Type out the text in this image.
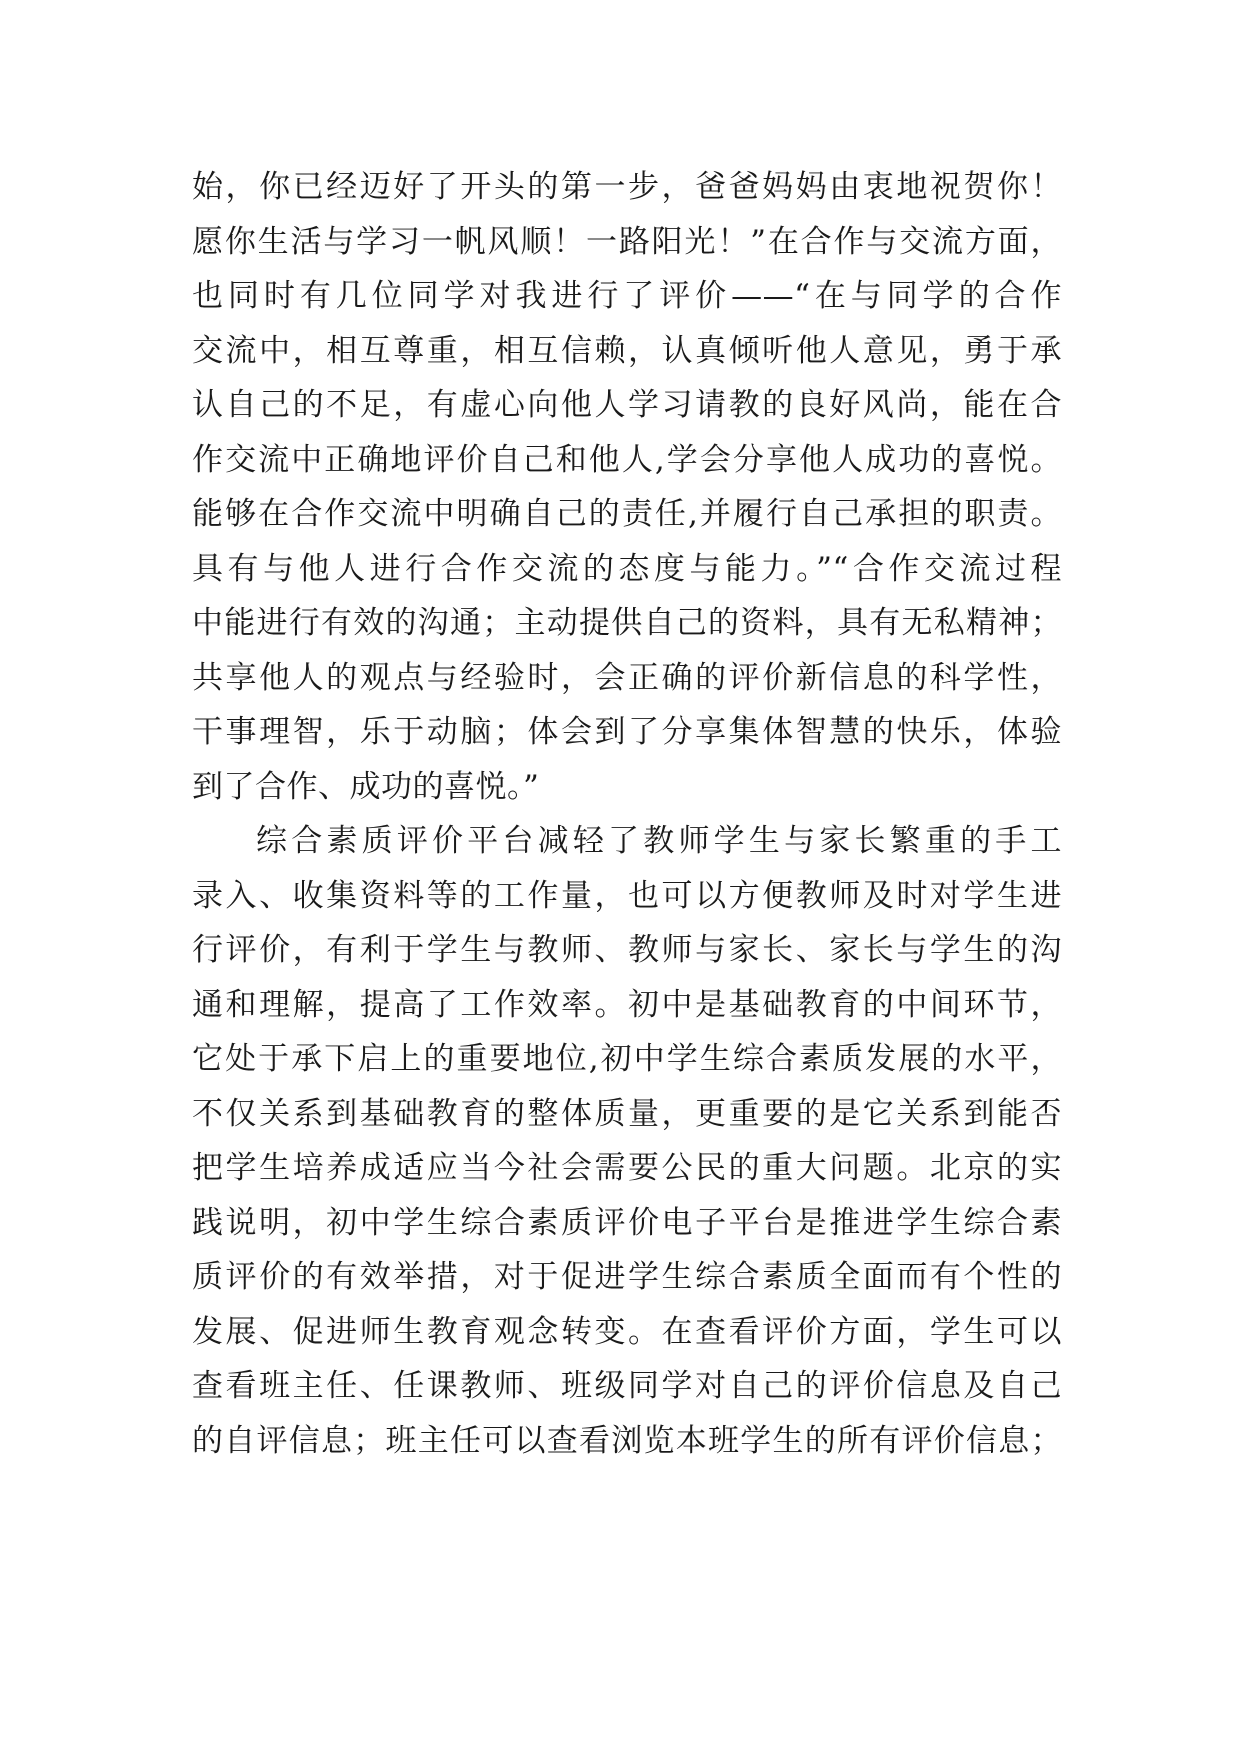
始，你已经迈好了开头的第一步，爸爸妈妈由衷地祝贺你！
愿你生活与学习一帆风顺！一路阳光！”在合作与交流方面，
也同时有几位同学对我进行了评价——“在与同学的合作
交流中，相互尊重，相互信赖，认真倾听他人意见，勇于承
认自己的不足，有虚心向他人学习请教的良好风尚，能在合
作交流中正确地评价自己和他人,学会分享他人成功的喜悦。
能够在合作交流中明确自己的责任,并履行自己承担的职责。
具有与他人进行合作交流的态度与能力。”“合作交流过程
中能进行有效的沟通；主动提供自己的资料，具有无私精神；
共享他人的观点与经验时，会正确的评价新信息的科学性，
干事理智，乐于动脑；体会到了分享集体智慧的快乐，体验
到了合作、成功的喜悦。”
综合素质评价平台减轻了教师学生与家长繁重的手工
录入、收集资料等的工作量，也可以方便教师及时对学生进
行评价，有利于学生与教师、教师与家长、家长与学生的沟
通和理解，提高了工作效率。初中是基础教育的中间环节，
它处于承下启上的重要地位,初中学生综合素质发展的水平，
不仅关系到基础教育的整体质量，更重要的是它关系到能否
把学生培养成适应当今社会需要公民的重大问题。北京的实
践说明，初中学生综合素质评价电子平台是推进学生综合素
质评价的有效举措，对于促进学生综合素质全面而有个性的
发展、促进师生教育观念转变。在查看评价方面，学生可以
查看班主任、任课教师、班级同学对自己的评价信息及自己
的自评信息；班主任可以查看浏览本班学生的所有评价信息；
